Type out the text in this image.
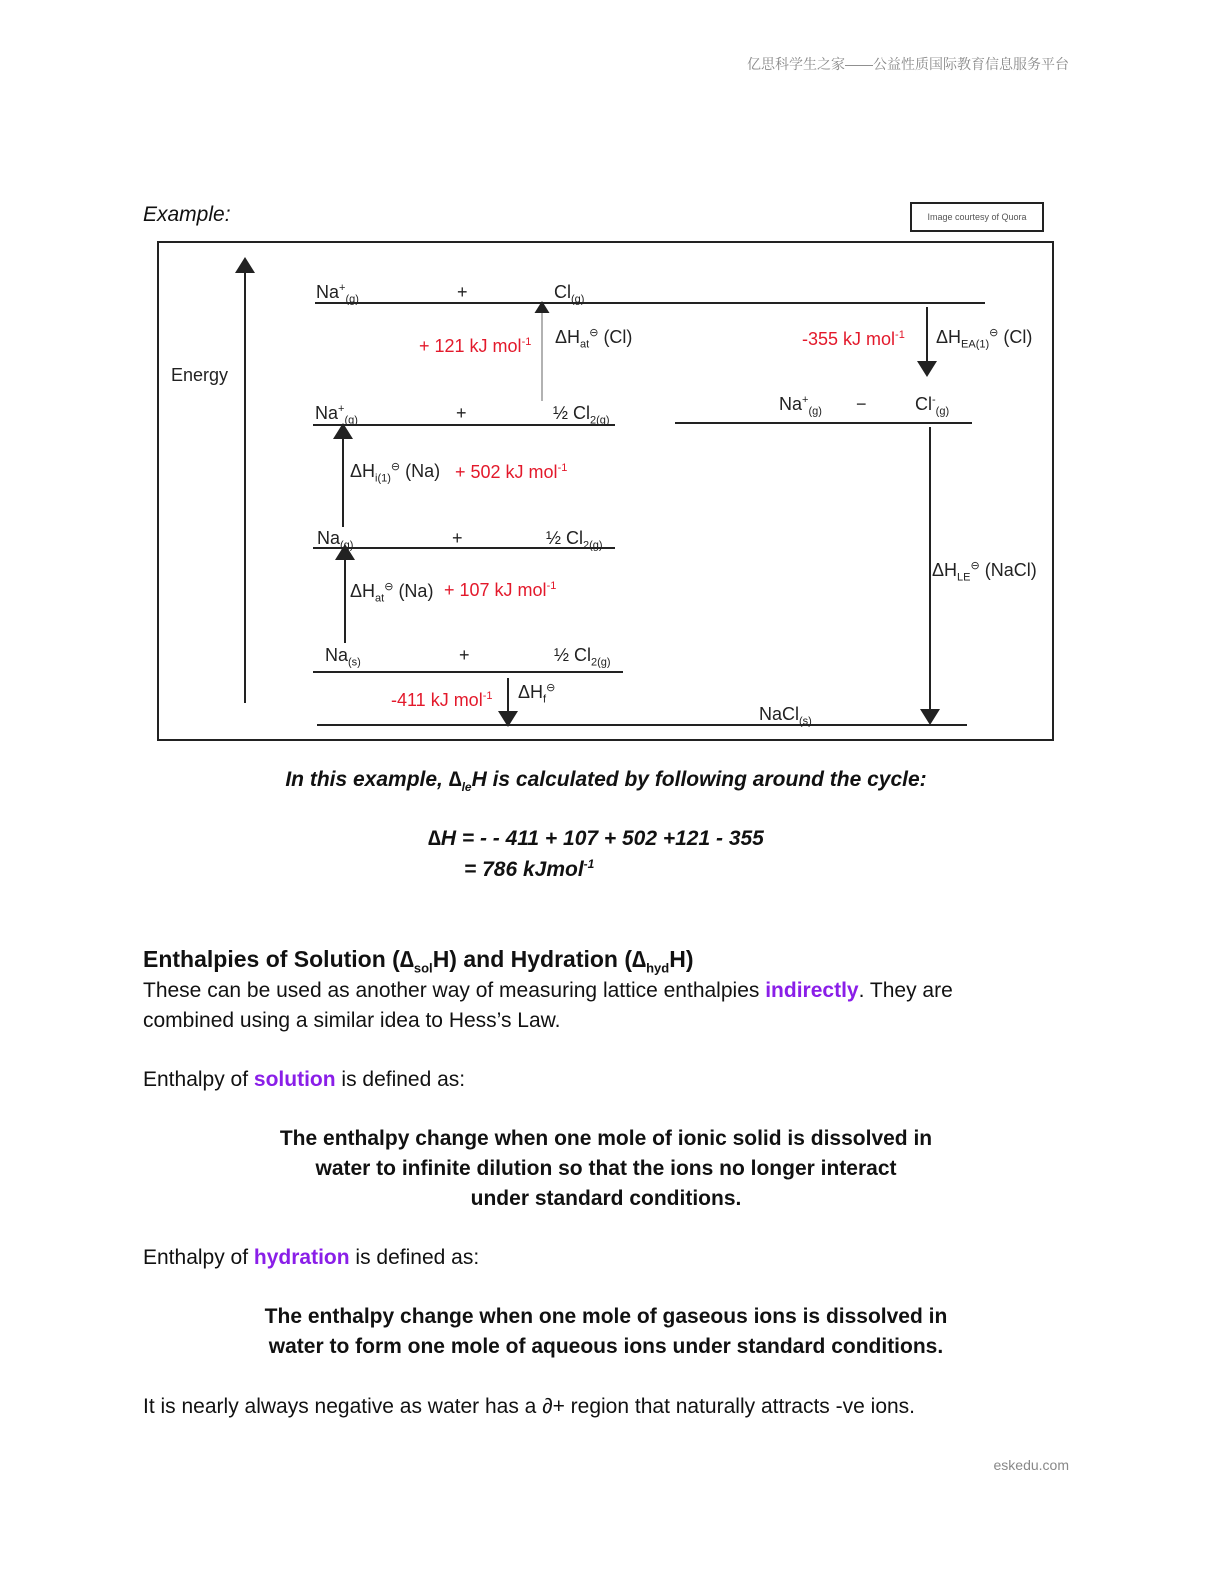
亿思科学生之家——公益性质国际教育信息服务平台
Example:	Image courtesy of Quora
Energy
$Na^+_{(g)}$	+	$Cl_{(g)}$
+ 121 kJ mol$^{-1}$ $\Delta H_{at}^⊖$ (Cl)	-355 kJ mol$^{-1}$ $\Delta H_{EA(1)}^⊖$ (Cl)
$Na^+_{(g)}$	+	½ $Cl_{2(g)}$
$Na^+_{(g)}$ −	$Cl^-_{(g)}$
$\Delta H_{i(1)}^⊖$ (Na) + 502 kJ mol$^{-1}$
$Na_{(g)}$	+	½ $Cl_{2(g)}$
$\Delta H_{LE}^⊖$ (NaCl)
$\Delta H_{at}^⊖$ (Na) + 107 kJ mol$^{-1}$
$Na_{(s)}$	+	½ $Cl_{2(g)}$
-411 kJ mol$^{-1}$ $\Delta H_f^⊖$
NaCl$_{(s)}$
In this example, $\Delta_{le}H$ is calculated by following around the cycle:
∆H = - - 411 + 107 + 502 +121 - 355
= 786 kJmol$^{-1}$
Enthalpies of Solution $(\Delta_{sol}H)$ and Hydration $(\Delta_{hyd}H)$
These can be used as another way of measuring lattice enthalpies indirectly. They are
combined using a similar idea to Hess’s Law.
Enthalpy of solution is defined as:
The enthalpy change when one mole of ionic solid is dissolved in
water to infinite dilution so that the ions no longer interact
under standard conditions.
Enthalpy of hydration is defined as:
The enthalpy change when one mole of gaseous ions is dissolved in
water to form one mole of aqueous ions under standard conditions.
It is nearly always negative as water has a ∂+ region that naturally attracts -ve ions.
eskedu.com
